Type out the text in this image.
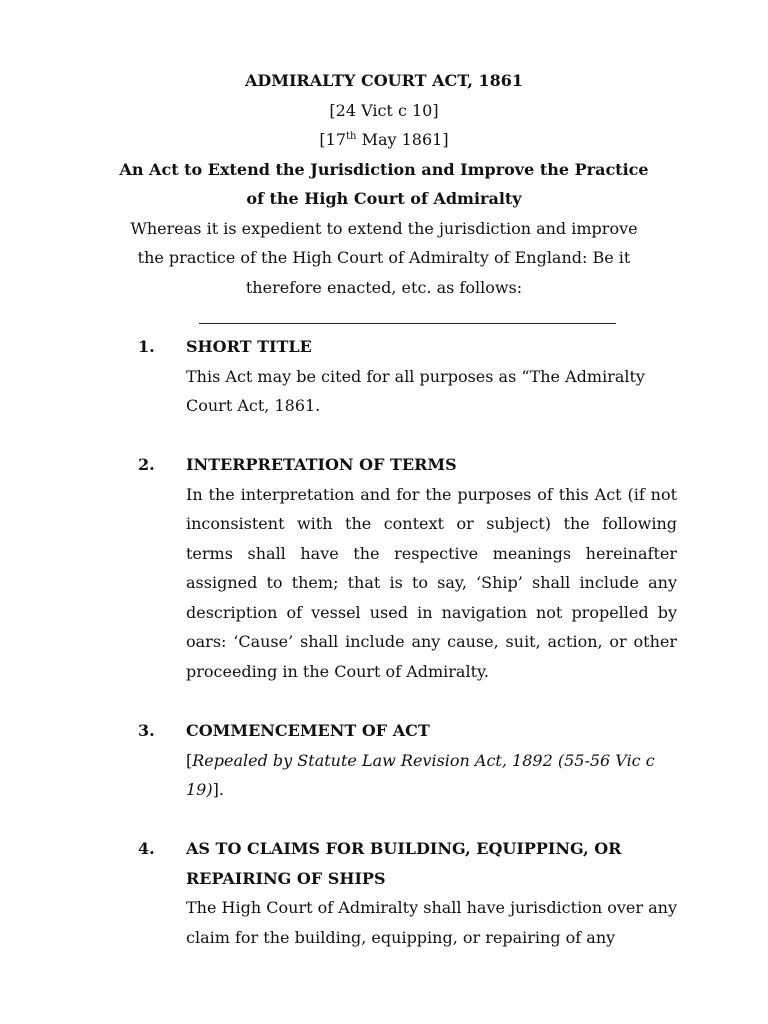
ADMIRALTY COURT ACT, 1861
[24 Vict c 10]
[17th May 1861]
An Act to Extend the Jurisdiction and Improve the Practice
of the High Court of Admiralty
Whereas it is expedient to extend the jurisdiction and improve the practice of the High Court of Admiralty of England: Be it therefore enacted, etc. as follows:
1. SHORT TITLE
This Act may be cited for all purposes as “The Admiralty Court Act, 1861.
2. INTERPRETATION OF TERMS
In the interpretation and for the purposes of this Act (if not inconsistent with the context or subject) the following terms shall have the respective meanings hereinafter assigned to them; that is to say, ‘Ship’ shall include any description of vessel used in navigation not propelled by oars: ‘Cause’ shall include any cause, suit, action, or other proceeding in the Court of Admiralty.
3. COMMENCEMENT OF ACT
[Repealed by Statute Law Revision Act, 1892 (55-56 Vic c 19)].
4. AS TO CLAIMS FOR BUILDING, EQUIPPING, OR
REPAIRING OF SHIPS
The High Court of Admiralty shall have jurisdiction over any claim for the building, equipping, or repairing of any
